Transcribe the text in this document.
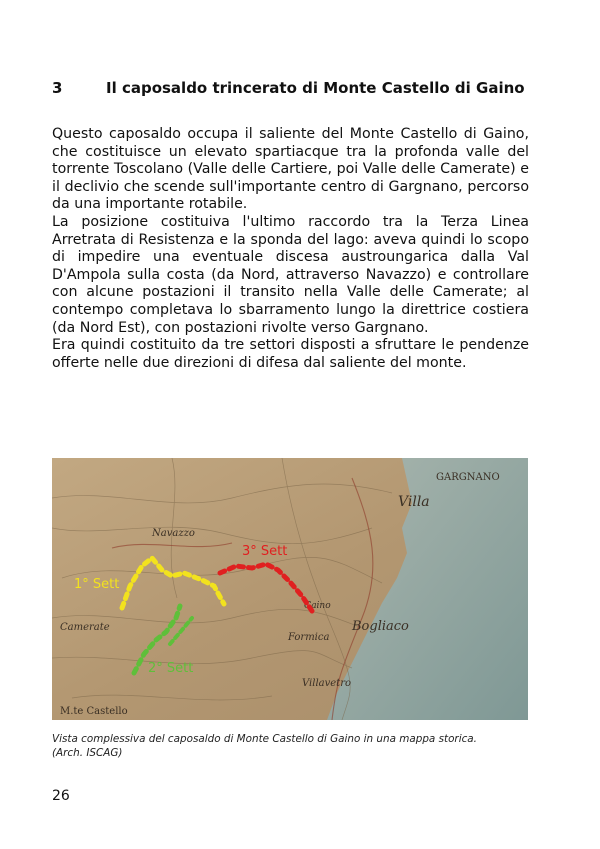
3	Il caposaldo trincerato di Monte Castello di Gaino

Questo caposaldo occupa il saliente del Monte Castello di Gaino, che costituisce un elevato spartiacque tra la profonda valle del torrente Toscolano (Valle delle Cartiere, poi Valle delle Camerate) e il declivio che scende sull'importante centro di Gargnano, percorso da una importante rotabile.

La posizione costituiva l'ultimo raccordo tra la Terza Linea Arretrata di Resistenza e la sponda del lago: aveva quindi lo scopo di impedire una eventuale discesa austroungarica dalla Val D'Ampola sulla costa (da Nord, attraverso Navazzo) e controllare con alcune postazioni il transito nella Valle delle Camerate; al contempo completava lo sbarramento lungo la direttrice costiera (da Nord Est), con postazioni rivolte verso Gargnano.

Era quindi costituito da tre settori disposti a sfruttare le pendenze offerte nelle due direzioni di difesa dal saliente del monte.

GARGNANO
Villa
Navazzo
Bogliaco
Formica
Camerate
Villavetro
M.te Castello
Gaino
1° Sett
2° Sett
3° Sett

Vista complessiva del caposaldo di Monte Castello di Gaino in una mappa storica.

(Arch. ISCAG)

26
